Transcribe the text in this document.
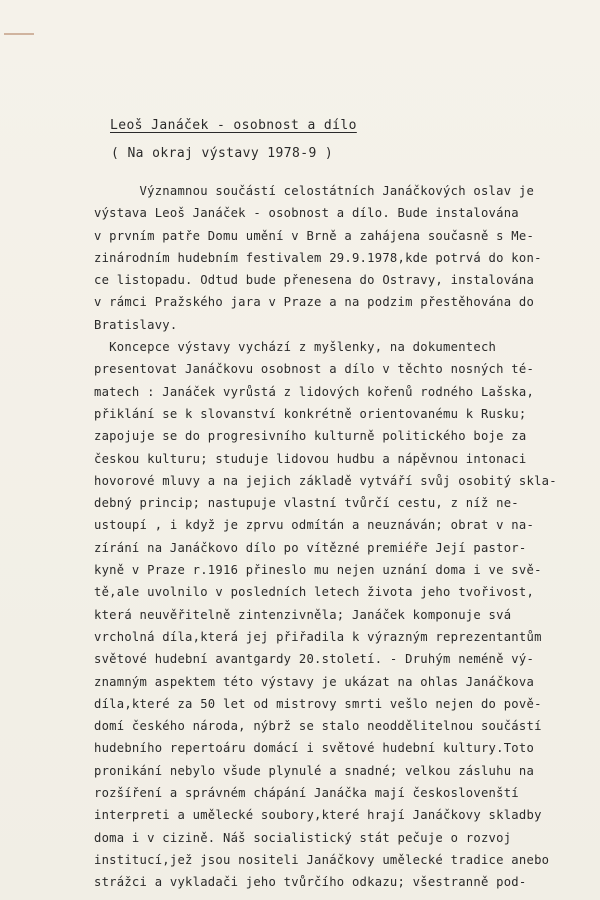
Leoš Janáček - osobnost a dílo
( Na okraj výstavy 1978-9 )
Významnou součástí celostátních Janáčkových oslav je
výstava Leoš Janáček - osobnost a dílo. Bude instalována
v prvním patře Domu umění v Brně a zahájena současně s Me-
zinárodním hudebním festivalem 29.9.1978,kde potrvá do kon-
ce listopadu. Odtud bude přenesena do Ostravy, instalována
v rámci Pražského jara v Praze a na podzim přestěhována do
Bratislavy.
Koncepce výstavy vychází z myšlenky, na dokumentech
presentovat Janáčkovu osobnost a dílo v těchto nosných té-
matech : Janáček vyrůstá z lidových kořenů rodného Lašska,
přiklání se k slovanství konkrétně orientovanému k Rusku;
zapojuje se do progresivního kulturně politického boje za
českou kulturu; studuje lidovou hudbu a nápěvnou intonaci
hovorové mluvy a na jejich základě vytváří svůj osobitý skla-
debný princip; nastupuje vlastní tvůrčí cestu, z níž ne-
ustoupí , i když je zprvu odmítán a neuznáván; obrat v na-
zírání na Janáčkovo dílo po vítězné premiéře Její pastor-
kyně v Praze r.1916 přineslo mu nejen uznání doma i ve svě-
tě,ale uvolnilo v posledních letech života jeho tvořivost,
která neuvěřitelně zintenzivněla; Janáček komponuje svá
vrcholná díla,která jej přiřadila k výrazným reprezentantům
světové hudební avantgardy 20.století. - Druhým neméně vý-
znamným aspektem této výstavy je ukázat na ohlas Janáčkova
díla,které za 50 let od mistrovy smrti vešlo nejen do pově-
domí českého národa, nýbrž se stalo neoddělitelnou součástí
hudebního repertoáru domácí i světové hudební kultury.Toto
pronikání nebylo všude plynulé a snadné; velkou zásluhu na
rozšíření a správném chápání Janáčka mají českoslovenští
interpreti a umělecké soubory,které hrají Janáčkovy skladby
doma i v cizině. Náš socialistický stát pečuje o rozvoj
institucí,jež jsou nositeli Janáčkovy umělecké tradice anebo
strážci a vykladači jeho tvůrčího odkazu; všestranně pod-
